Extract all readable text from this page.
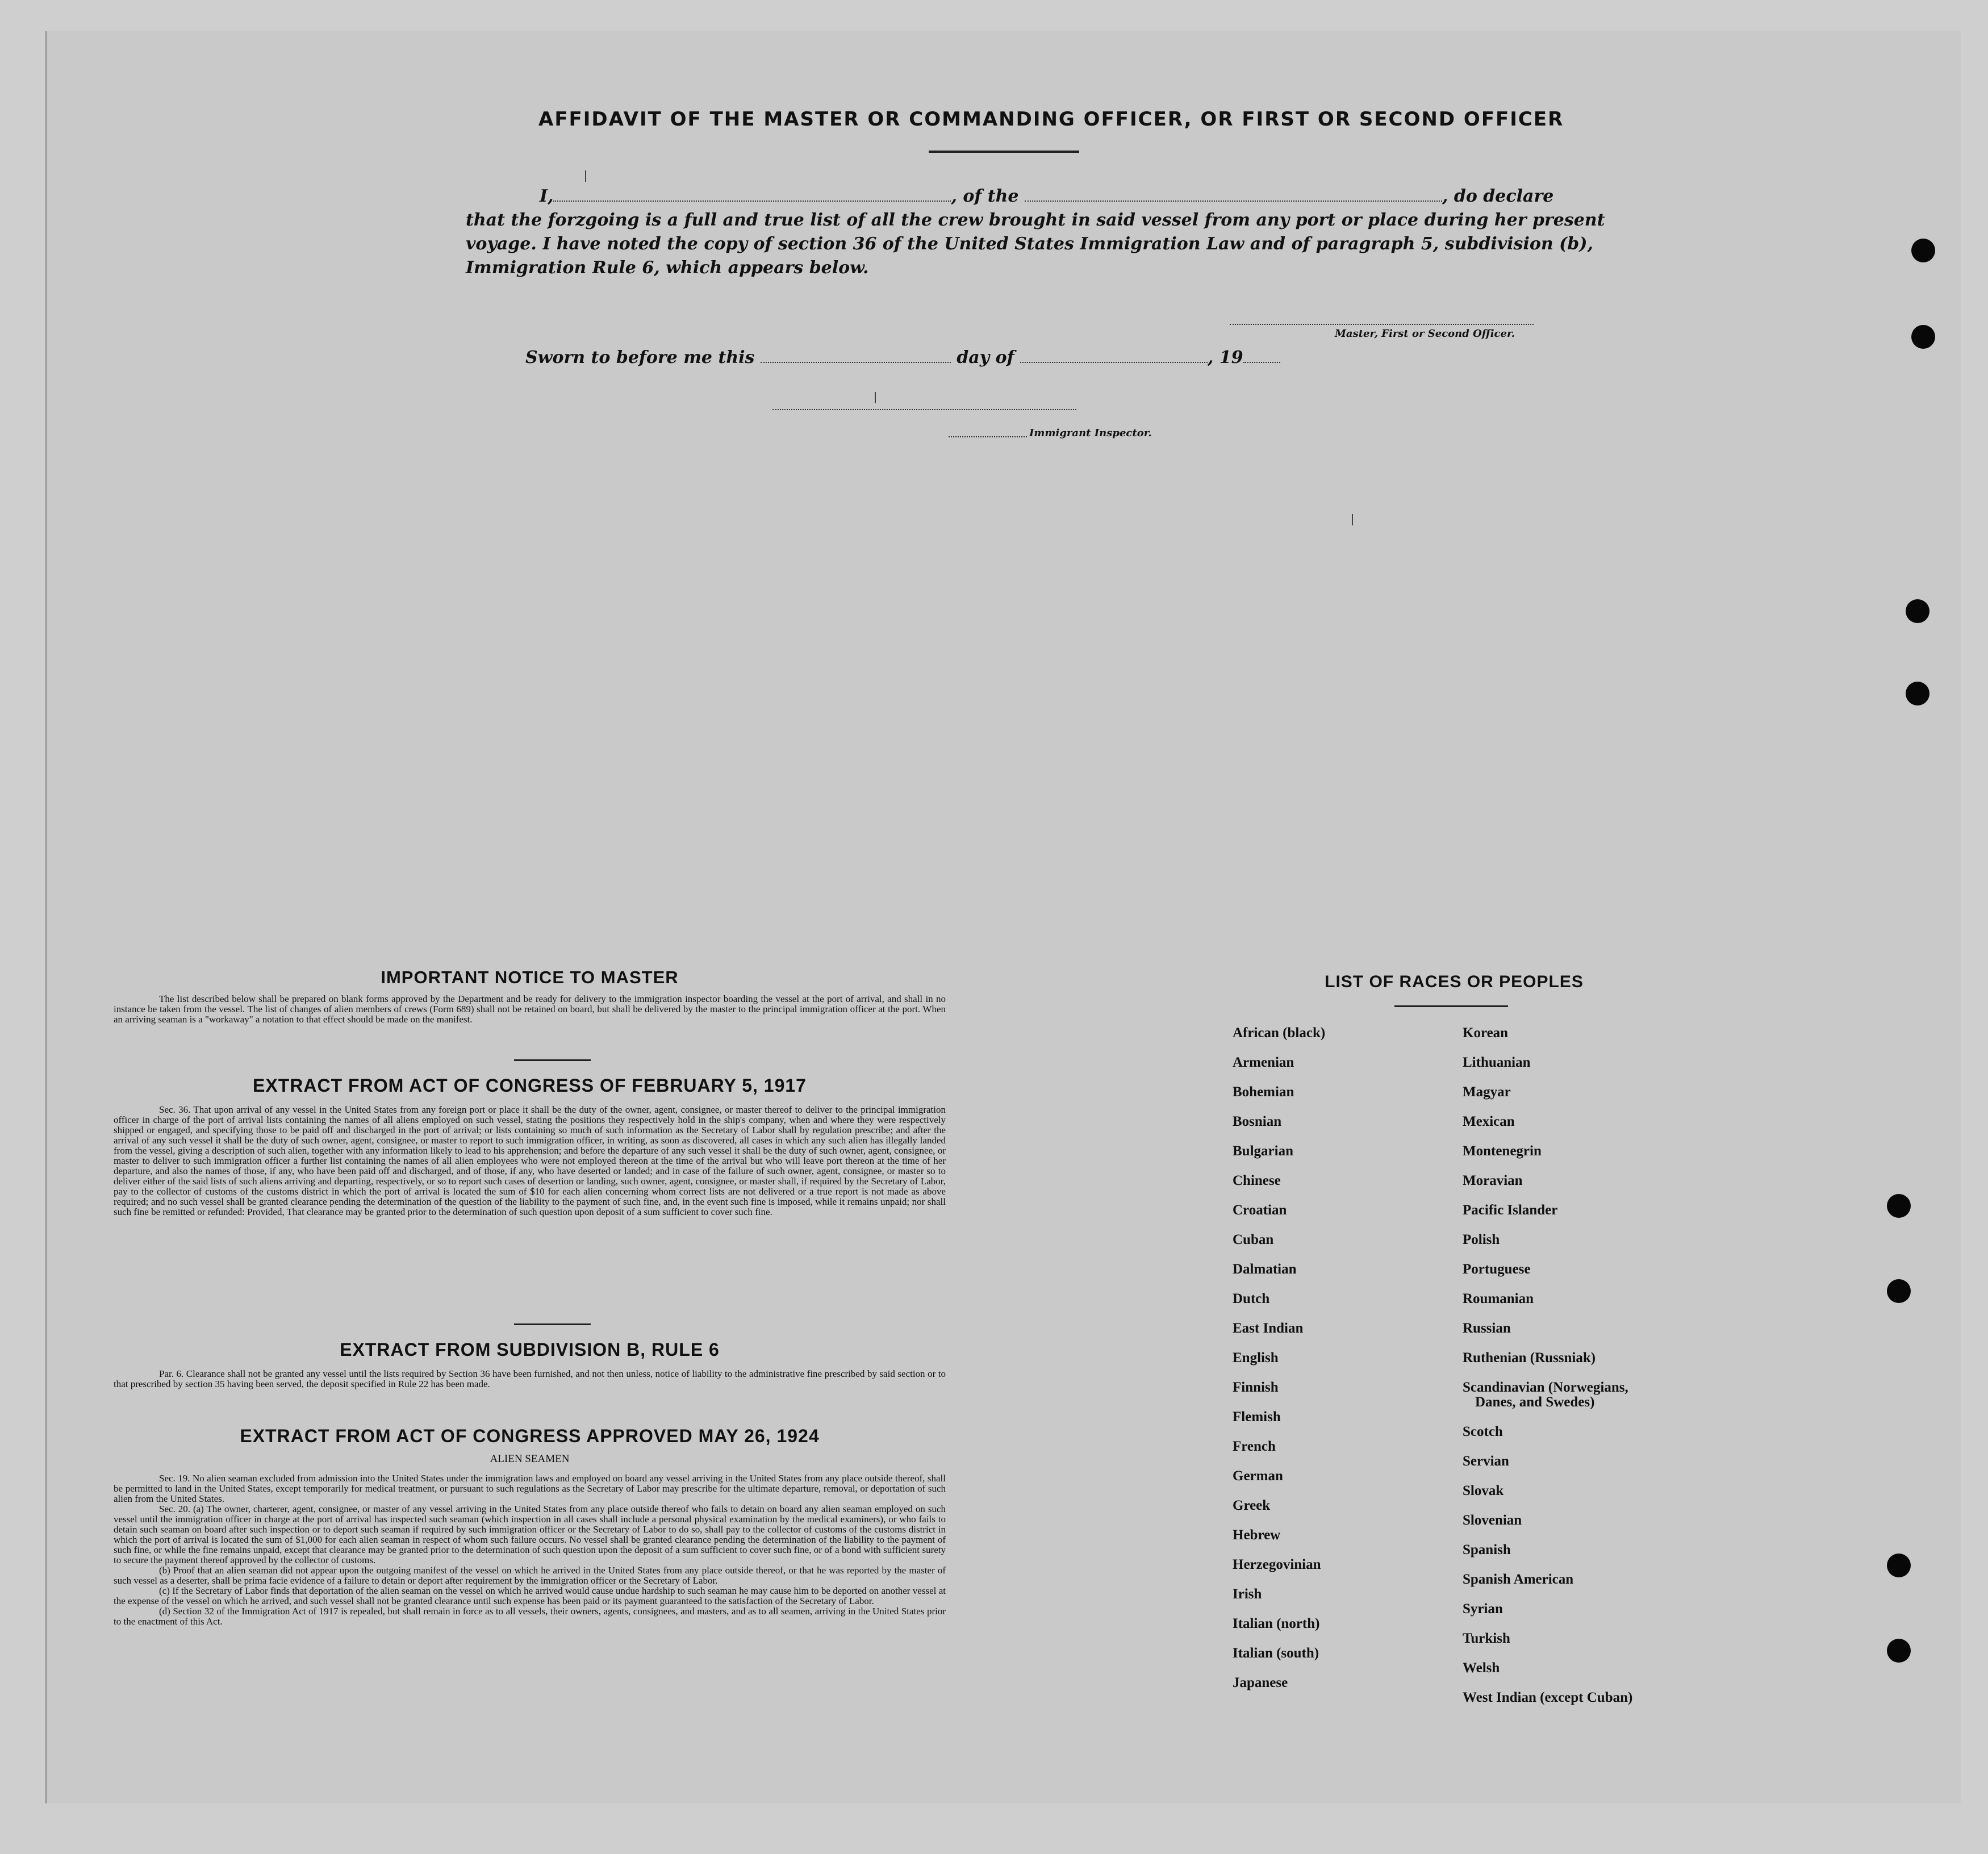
AFFIDAVIT OF THE MASTER OR COMMANDING OFFICER, OR FIRST OR SECOND OFFICER
I,	, of the	, do declare
that the forzgoing is a full and true list of all the crew brought in said vessel from any port or place during her present
voyage. I have noted the copy of section 36 of the United States Immigration Law and of paragraph 5, subdivision (b),
Immigration Rule 6, which appears below.
Master, First or Second Officer.
Sworn to before me this	day of	, 19
Immigrant Inspector.
IMPORTANT NOTICE TO MASTER
The list described below shall be prepared on blank forms approved by the Department and be ready for delivery to the immigration inspector boarding the vessel at the port of arrival, and shall in no instance be taken from the vessel. The list of changes of alien members of crews (Form 689) shall not be retained on board, but shall be delivered by the master to the principal immigration officer at the port. When an arriving seaman is a "workaway" a notation to that effect should be made on the manifest.
EXTRACT FROM ACT OF CONGRESS OF FEBRUARY 5, 1917
Sec. 36. That upon arrival of any vessel in the United States from any foreign port or place it shall be the duty of the owner, agent, consignee, or master thereof to deliver to the principal immigration officer in charge of the port of arrival lists containing the names of all aliens employed on such vessel, stating the positions they respectively hold in the ship's company, when and where they were respectively shipped or engaged, and specifying those to be paid off and discharged in the port of arrival; or lists containing so much of such information as the Secretary of Labor shall by regulation prescribe; and after the arrival of any such vessel it shall be the duty of such owner, agent, consignee, or master to report to such immigration officer, in writing, as soon as discovered, all cases in which any such alien has illegally landed from the vessel, giving a description of such alien, together with any information likely to lead to his apprehension; and before the departure of any such vessel it shall be the duty of such owner, agent, consignee, or master to deliver to such immigration officer a further list containing the names of all alien employees who were not employed thereon at the time of the arrival but who will leave port thereon at the time of her departure, and also the names of those, if any, who have been paid off and discharged, and of those, if any, who have deserted or landed; and in case of the failure of such owner, agent, consignee, or master so to deliver either of the said lists of such aliens arriving and departing, respectively, or so to report such cases of desertion or landing, such owner, agent, consignee, or master shall, if required by the Secretary of Labor, pay to the collector of customs of the customs district in which the port of arrival is located the sum of $10 for each alien concerning whom correct lists are not delivered or a true report is not made as above required; and no such vessel shall be granted clearance pending the determination of the question of the liability to the payment of such fine, and, in the event such fine is imposed, while it remains unpaid; nor shall such fine be remitted or refunded: Provided, That clearance may be granted prior to the determination of such question upon deposit of a sum sufficient to cover such fine.
EXTRACT FROM SUBDIVISION B, RULE 6
Par. 6. Clearance shall not be granted any vessel until the lists required by Section 36 have been furnished, and not then unless, notice of liability to the administrative fine prescribed by said section or to that prescribed by section 35 having been served, the deposit specified in Rule 22 has been made.
EXTRACT FROM ACT OF CONGRESS APPROVED MAY 26, 1924
ALIEN SEAMEN
Sec. 19. No alien seaman excluded from admission into the United States under the immigration laws and employed on board any vessel arriving in the United States from any place outside thereof, shall be permitted to land in the United States, except temporarily for medical treatment, or pursuant to such regulations as the Secretary of Labor may prescribe for the ultimate departure, removal, or deportation of such alien from the United States.
Sec. 20. (a) The owner, charterer, agent, consignee, or master of any vessel arriving in the United States from any place outside thereof who fails to detain on board any alien seaman employed on such vessel until the immigration officer in charge at the port of arrival has inspected such seaman (which inspection in all cases shall include a personal physical examination by the medical examiners), or who fails to detain such seaman on board after such inspection or to deport such seaman if required by such immigration officer or the Secretary of Labor to do so, shall pay to the collector of customs of the customs district in which the port of arrival is located the sum of $1,000 for each alien seaman in respect of whom such failure occurs. No vessel shall be granted clearance pending the determination of the liability to the payment of such fine, or while the fine remains unpaid, except that clearance may be granted prior to the determination of such question upon the deposit of a sum sufficient to cover such fine, or of a bond with sufficient surety to secure the payment thereof approved by the collector of customs.
(b) Proof that an alien seaman did not appear upon the outgoing manifest of the vessel on which he arrived in the United States from any place outside thereof, or that he was reported by the master of such vessel as a deserter, shall be prima facie evidence of a failure to detain or deport after requirement by the immigration officer or the Secretary of Labor.
(c) If the Secretary of Labor finds that deportation of the alien seaman on the vessel on which he arrived would cause undue hardship to such seaman he may cause him to be deported on another vessel at the expense of the vessel on which he arrived, and such vessel shall not be granted clearance until such expense has been paid or its payment guaranteed to the satisfaction of the Secretary of Labor.
(d) Section 32 of the Immigration Act of 1917 is repealed, but shall remain in force as to all vessels, their owners, agents, consignees, and masters, and as to all seamen, arriving in the United States prior to the enactment of this Act.
LIST OF RACES OR PEOPLES
African (black)
Armenian
Bohemian
Bosnian
Bulgarian
Chinese
Croatian
Cuban
Dalmatian
Dutch
East Indian
English
Finnish
Flemish
French
German
Greek
Hebrew
Herzegovinian
Irish
Italian (north)
Italian (south)
Japanese
Korean
Lithuanian
Magyar
Mexican
Montenegrin
Moravian
Pacific Islander
Polish
Portuguese
Roumanian
Russian
Ruthenian (Russniak)
Scandinavian (Norwegians,
Danes, and Swedes)
Scotch
Servian
Slovak
Slovenian
Spanish
Spanish American
Syrian
Turkish
Welsh
West Indian (except Cuban)
